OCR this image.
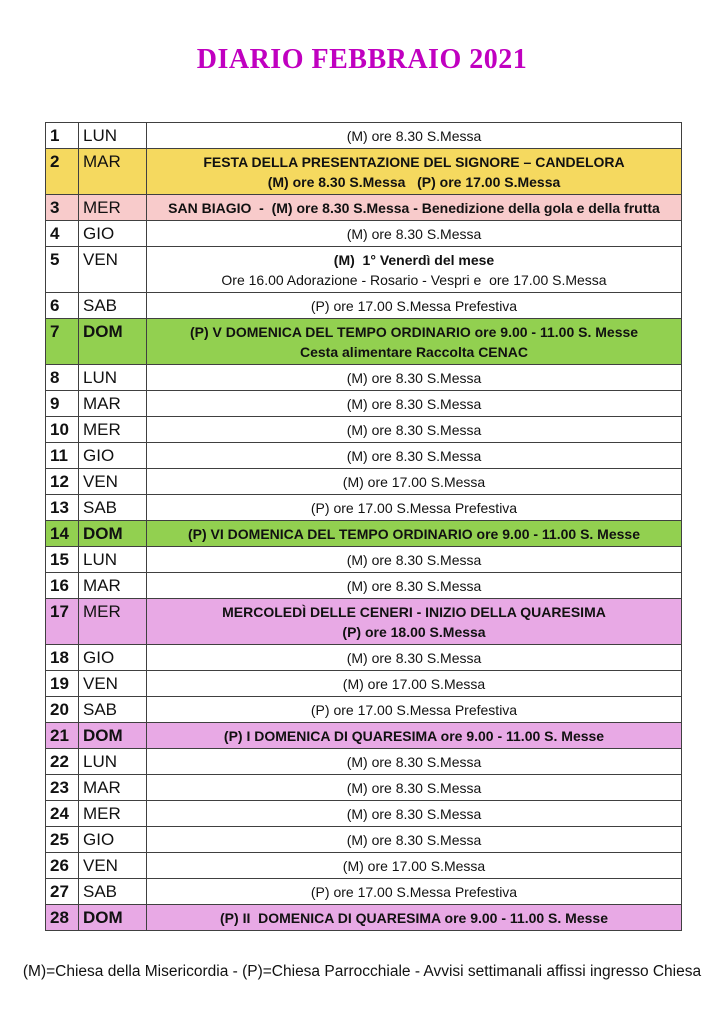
DIARIO FEBBRAIO 2021
1	LUN	(M) ore 8.30 S.Messa

2	MAR	FESTA DELLA PRESENTAZIONE DEL SIGNORE – CANDELORA
(M) ore 8.30 S.Messa   (P) ore 17.00 S.Messa

3	MER	SAN BIAGIO  -  (M) ore 8.30 S.Messa - Benedizione della gola e della frutta

4	GIO	(M) ore 8.30 S.Messa

5	VEN	(M)  1° Venerdì del mese
Ore 16.00 Adorazione - Rosario - Vespri e  ore 17.00 S.Messa

6	SAB	(P) ore 17.00 S.Messa Prefestiva

7	DOM	(P) V DOMENICA DEL TEMPO ORDINARIO ore 9.00 - 11.00 S. Messe
Cesta alimentare Raccolta CENAC

8	LUN	(M) ore 8.30 S.Messa

9	MAR	(M) ore 8.30 S.Messa

10	MER	(M) ore 8.30 S.Messa

11	GIO	(M) ore 8.30 S.Messa

12	VEN	(M) ore 17.00 S.Messa

13	SAB	(P) ore 17.00 S.Messa Prefestiva

14	DOM	(P) VI DOMENICA DEL TEMPO ORDINARIO ore 9.00 - 11.00 S. Messe

15	LUN	(M) ore 8.30 S.Messa

16	MAR	(M) ore 8.30 S.Messa

17	MER	MERCOLEDÌ DELLE CENERI - INIZIO DELLA QUARESIMA
(P) ore 18.00 S.Messa

18	GIO	(M) ore 8.30 S.Messa

19	VEN	(M) ore 17.00 S.Messa

20	SAB	(P) ore 17.00 S.Messa Prefestiva

21	DOM	(P) I DOMENICA DI QUARESIMA ore 9.00 - 11.00 S. Messe

22	LUN	(M) ore 8.30 S.Messa

23	MAR	(M) ore 8.30 S.Messa

24	MER	(M) ore 8.30 S.Messa

25	GIO	(M) ore 8.30 S.Messa

26	VEN	(M) ore 17.00 S.Messa

27	SAB	(P) ore 17.00 S.Messa Prefestiva

28	DOM	(P) II  DOMENICA DI QUARESIMA ore 9.00 - 11.00 S. Messe
(M)=Chiesa della Misericordia - (P)=Chiesa Parrocchiale - Avvisi settimanali affissi ingresso Chiesa
